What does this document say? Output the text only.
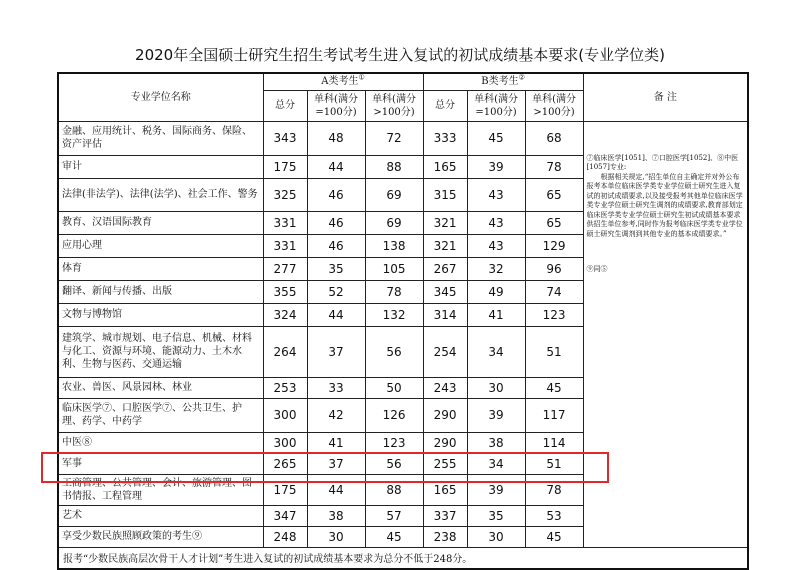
2020年全国硕士研究生招生考试考生进入复试的初试成绩基本要求(专业学位类)
专业学位名称	A类考生①			B类考生②			备 注
	总分	单科(满分=100分)	单科(满分>100分)	总分	单科(满分=100分)	单科(满分>100分)	
金融、应用统计、税务、国际商务、保险、资产评估	343	48	72	333	45	68	⑦临床医学[1051]、⑦口腔医学[1052]、⑧中医[1057]专业:
根据相关规定,“招生单位自主确定并对外公布报考本单位临床医学类专业学位硕士研究生进入复试的初试成绩要求,以及接受报考其他单位临床医学类专业学位硕士研究生调剂的成绩要求,教育部划定临床医学类专业学位硕士研究生初试成绩基本要求供招生单位参考,同时作为报考临床医学类专业学位硕士研究生调剂到其他专业的基本成绩要求。”
⑨同⑤

审计	175	44	88	165	39	78	
法律(非法学)、法律(法学)、社会工作、警务	325	46	69	315	43	65	
教育、汉语国际教育	331	46	69	321	43	65	
应用心理	331	46	138	321	43	129	
体育	277	35	105	267	32	96	
翻译、新闻与传播、出版	355	52	78	345	49	74	
文物与博物馆	324	44	132	314	41	123	
建筑学、城市规划、电子信息、机械、材料与化工、资源与环境、能源动力、土木水利、生物与医药、交通运输	264	37	56	254	34	51	
农业、兽医、风景园林、林业	253	33	50	243	30	45	
临床医学⑦、口腔医学⑦、公共卫生、护理、药学、中药学	300	42	126	290	39	117	
中医⑧	300	41	123	290	38	114	
军事	265	37	56	255	34	51	
工商管理、公共管理、会计、旅游管理、图书情报、工程管理	175	44	88	165	39	78	
艺术	347	38	57	337	35	53	
享受少数民族照顾政策的考生⑨	248	30	45	238	30	45	
报考“少数民族高层次骨干人才计划”考生进入复试的初试成绩基本要求为总分不低于248分。							
